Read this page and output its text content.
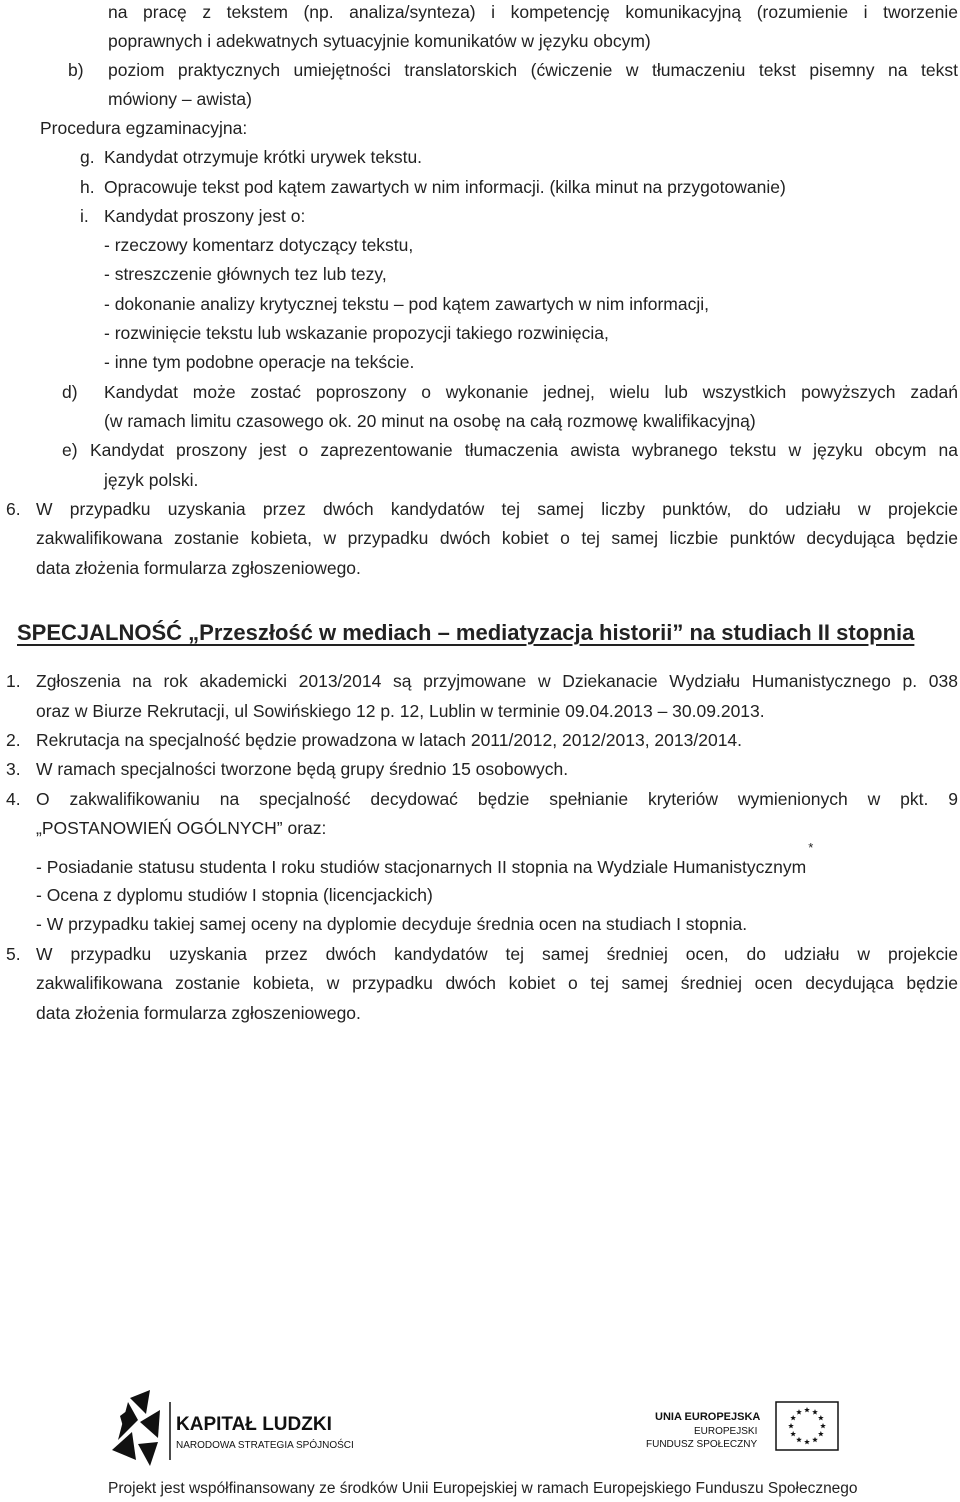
na pracę z tekstem (np. analiza/synteza) i kompetencję komunikacyjną (rozumienie i tworzenie
poprawnych i adekwatnych sytuacyjnie komunikatów w języku obcym)
b) poziom praktycznych umiejętności translatorskich (ćwiczenie w tłumaczeniu tekst pisemny na tekst
mówiony – awista)
Procedura egzaminacyjna:
g. Kandydat otrzymuje krótki urywek tekstu.
h. Opracowuje tekst pod kątem zawartych w nim informacji. (kilka minut na przygotowanie)
i. Kandydat proszony jest o:
- rzeczowy komentarz dotyczący tekstu,
- streszczenie głównych tez lub tezy,
- dokonanie analizy krytycznej tekstu – pod kątem zawartych w nim informacji,
- rozwinięcie tekstu lub wskazanie propozycji takiego rozwinięcia,
- inne tym podobne operacje na tekście.
d) Kandydat może zostać poproszony o wykonanie jednej, wielu lub wszystkich powyższych zadań
(w ramach limitu czasowego ok. 20 minut na osobę na całą rozmowę kwalifikacyjną)
e) Kandydat proszony jest o zaprezentowanie tłumaczenia awista wybranego tekstu w języku obcym na
język polski.
6. W przypadku uzyskania przez dwóch kandydatów tej samej liczby punktów, do udziału w projekcie
zakwalifikowana zostanie kobieta, w przypadku dwóch kobiet o tej samej liczbie punktów decydująca będzie
data złożenia formularza zgłoszeniowego.
SPECJALNOŚĆ „Przeszłość w mediach – mediatyzacja historii” na studiach II stopnia
1. Zgłoszenia na rok akademicki 2013/2014 są przyjmowane w Dziekanacie Wydziału Humanistycznego p. 038
oraz w Biurze Rekrutacji, ul Sowińskiego 12 p. 12, Lublin w terminie 09.04.2013 – 30.09.2013.
2. Rekrutacja na specjalność będzie prowadzona w latach 2011/2012, 2012/2013, 2013/2014.
3. W ramach specjalności tworzone będą grupy średnio 15 osobowych.
4. O zakwalifikowaniu na specjalność decydować będzie spełnianie kryteriów wymienionych w pkt. 9
„POSTANOWIEŃ OGÓLNYCH” oraz:
- Posiadanie statusu studenta I roku studiów stacjonarnych II stopnia na Wydziale Humanistycznym*
- Ocena z dyplomu studiów I stopnia (licencjackich)
- W przypadku takiej samej oceny na dyplomie decyduje średnia ocen na studiach I stopnia.
5. W przypadku uzyskania przez dwóch kandydatów tej samej średniej ocen, do udziału w projekcie
zakwalifikowana zostanie kobieta, w przypadku dwóch kobiet o tej samej średniej ocen decydująca będzie
data złożenia formularza zgłoszeniowego.
KAPITAŁ LUDZKI
NARODOWA STRATEGIA SPÓJNOŚCI
UNIA EUROPEJSKA
EUROPEJSKI
FUNDUSZ SPOŁECZNY
Projekt jest współfinansowany ze środków Unii Europejskiej w ramach Europejskiego Funduszu Społecznego
